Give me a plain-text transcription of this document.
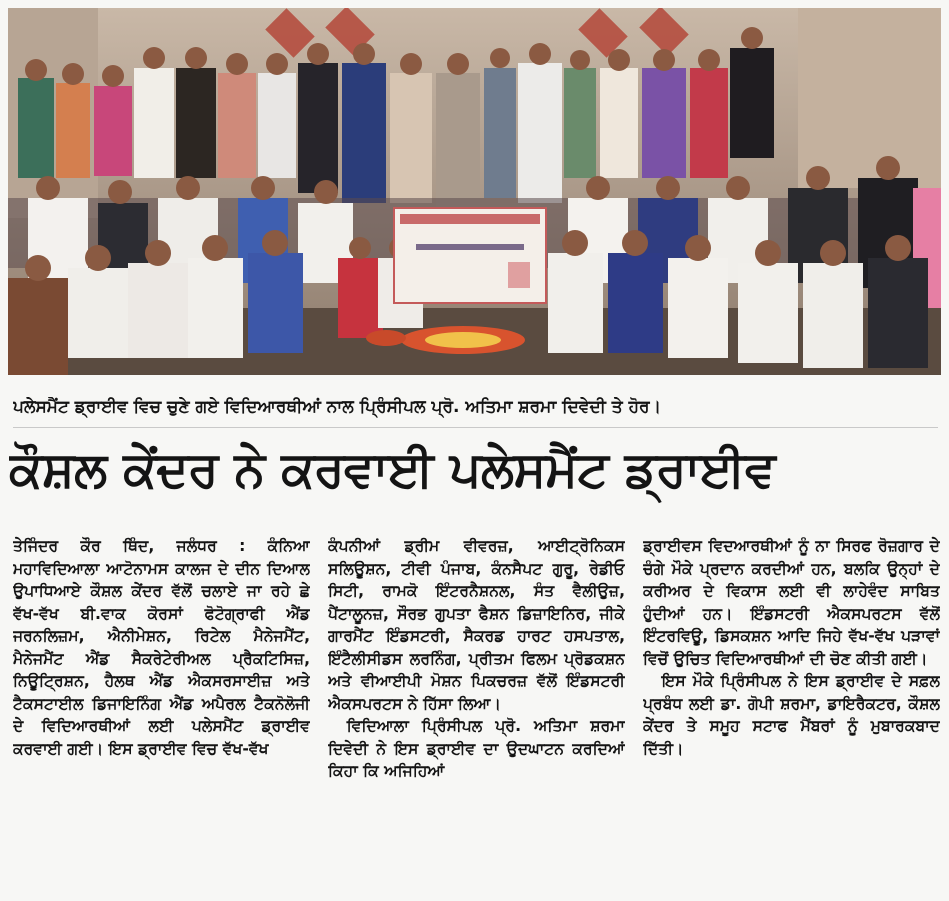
ਪਲੇਸਮੈਂਟ ਡ੍ਰਾਈਵ ਵਿਚ ਚੁਣੇ ਗਏ ਵਿਦਿਆਰਥੀਆਂ ਨਾਲ ਪ੍ਰਿੰਸੀਪਲ ਪ੍ਰੋ. ਅਤਿਮਾ ਸ਼ਰਮਾ ਦਿਵੇਦੀ ਤੇ ਹੋਰ।
ਕੌਸ਼ਲ ਕੇਂਦਰ ਨੇ ਕਰਵਾਈ ਪਲੇਸਮੈਂਟ ਡ੍ਰਾਈਵ

ਤੇਜਿੰਦਰ ਕੌਰ ਥਿੰਦ, ਜਲੰਧਰ : ਕੰਨਿਆ ਮਹਾਵਿਦਿਆਲਾ ਆਟੋਨਾਮਸ ਕਾਲਜ ਦੇ ਦੀਨ ਦਿਆਲ ਉਪਾਧਿਆਏ ਕੌਸ਼ਲ ਕੇਂਦਰ ਵੱਲੋਂ ਚਲਾਏ ਜਾ ਰਹੇ ਛੇ ਵੱਖ-ਵੱਖ ਬੀ.ਵਾਕ ਕੋਰਸਾਂ ਫੋਟੋਗ੍ਰਾਫੀ ਐਂਡ ਜਰਨਲਿਜ਼ਮ, ਐਨੀਮੇਸ਼ਨ, ਰਿਟੇਲ ਮੈਨੇਜਮੈਂਟ, ਮੈਨੇਜਮੈਂਟ ਐਂਡ ਸੈਕਰੇਟੇਰੀਅਲ ਪ੍ਰੈਕਟਿਸਿਜ਼, ਨਿਊਟ੍ਰਿਸ਼ਨ, ਹੈਲਥ ਐਂਡ ਐਕਸਰਸਾਈਜ਼ ਅਤੇ ਟੈਕਸਟਾਈਲ ਡਿਜਾਇਨਿੰਗ ਐਂਡ ਅਪੈਰਲ ਟੈਕਨੋਲੋਜੀ ਦੇ ਵਿਦਿਆਰਥੀਆਂ ਲਈ ਪਲੇਸਮੈਂਟ ਡ੍ਰਾਈਵ ਕਰਵਾਈ ਗਈ। ਇਸ ਡ੍ਰਾਈਵ ਵਿਚ ਵੱਖ-ਵੱਖ

ਕੰਪਨੀਆਂ ਡ੍ਰੀਮ ਵੀਵਰਜ਼, ਆਈਟ੍ਰੋਨਿਕਸ ਸਲਿਊਸ਼ਨ, ਟੀਵੀ ਪੰਜਾਬ, ਕੰਨਸੈਪਟ ਗੁਰੂ, ਰੇਡੀਓ ਸਿਟੀ, ਰਾਮਕੋ ਇੰਟਰਨੈਸ਼ਨਲ, ਸੰਤ ਵੈਲੀਉਜ਼, ਪੈਂਟਾਲੂਨਜ਼, ਸੌਰਭ ਗੁਪਤਾ ਫੈਸ਼ਨ ਡਿਜ਼ਾਇਨਿਰ, ਜੀਕੇ ਗਾਰਮੈਂਟ ਇੰਡਸਟਰੀ, ਸੈਕਰਡ ਹਾਰਟ ਹਸਪਤਾਲ, ਇੰਟੈਲੀਸੀਡਸ ਲਰਨਿੰਗ, ਪ੍ਰੀਤਮ ਫਿਲਮ ਪ੍ਰੋਡਕਸ਼ਨ ਅਤੇ ਵੀਆਈਪੀ ਮੋਸ਼ਨ ਪਿਕਚਰਜ਼ ਵੱਲੋਂ ਇੰਡਸਟਰੀ ਐਕਸਪਰਟਸ ਨੇ ਹਿੱਸਾ ਲਿਆ।

ਵਿਦਿਆਲਾ ਪ੍ਰਿੰਸੀਪਲ ਪ੍ਰੋ. ਅਤਿਮਾ ਸ਼ਰਮਾ ਦਿਵੇਦੀ ਨੇ ਇਸ ਡ੍ਰਾਈਵ ਦਾ ਉਦਘਾਟਨ ਕਰਦਿਆਂ ਕਿਹਾ ਕਿ ਅਜਿਹਿਆਂ

ਡ੍ਰਾਈਵਸ ਵਿਦਆਰਥੀਆਂ ਨੂੰ ਨਾ ਸਿਰਫ ਰੋਜ਼ਗਾਰ ਦੇ ਚੰਗੇ ਮੌਕੇ ਪ੍ਰਦਾਨ ਕਰਦੀਆਂ ਹਨ, ਬਲਕਿ ਉਨ੍ਹਾਂ ਦੇ ਕਰੀਅਰ ਦੇ ਵਿਕਾਸ ਲਈ ਵੀ ਲਾਹੇਵੰਦ ਸਾਬਿਤ ਹੁੰਦੀਆਂ ਹਨ। ਇੰਡਸਟਰੀ ਐਕਸਪਰਟਸ ਵੱਲੋਂ ਇੰਟਰਵਿਊ, ਡਿਸਕਸ਼ਨ ਆਦਿ ਜਿਹੇ ਵੱਖ-ਵੱਖ ਪੜਾਵਾਂ ਵਿਚੋਂ ਉਚਿਤ ਵਿਦਿਆਰਥੀਆਂ ਦੀ ਚੋਣ ਕੀਤੀ ਗਈ।

ਇਸ ਮੌਕੇ ਪ੍ਰਿੰਸੀਪਲ ਨੇ ਇਸ ਡ੍ਰਾਈਵ ਦੇ ਸਫ਼ਲ ਪ੍ਰਬੰਧ ਲਈ ਡਾ. ਗੋਪੀ ਸ਼ਰਮਾ, ਡਾਇਰੈਕਟਰ, ਕੌਸ਼ਲ ਕੇਂਦਰ ਤੇ ਸਮੂਹ ਸਟਾਫ ਮੈਂਬਰਾਂ ਨੂੰ ਮੁਬਾਰਕਬਾਦ ਦਿੱਤੀ।
